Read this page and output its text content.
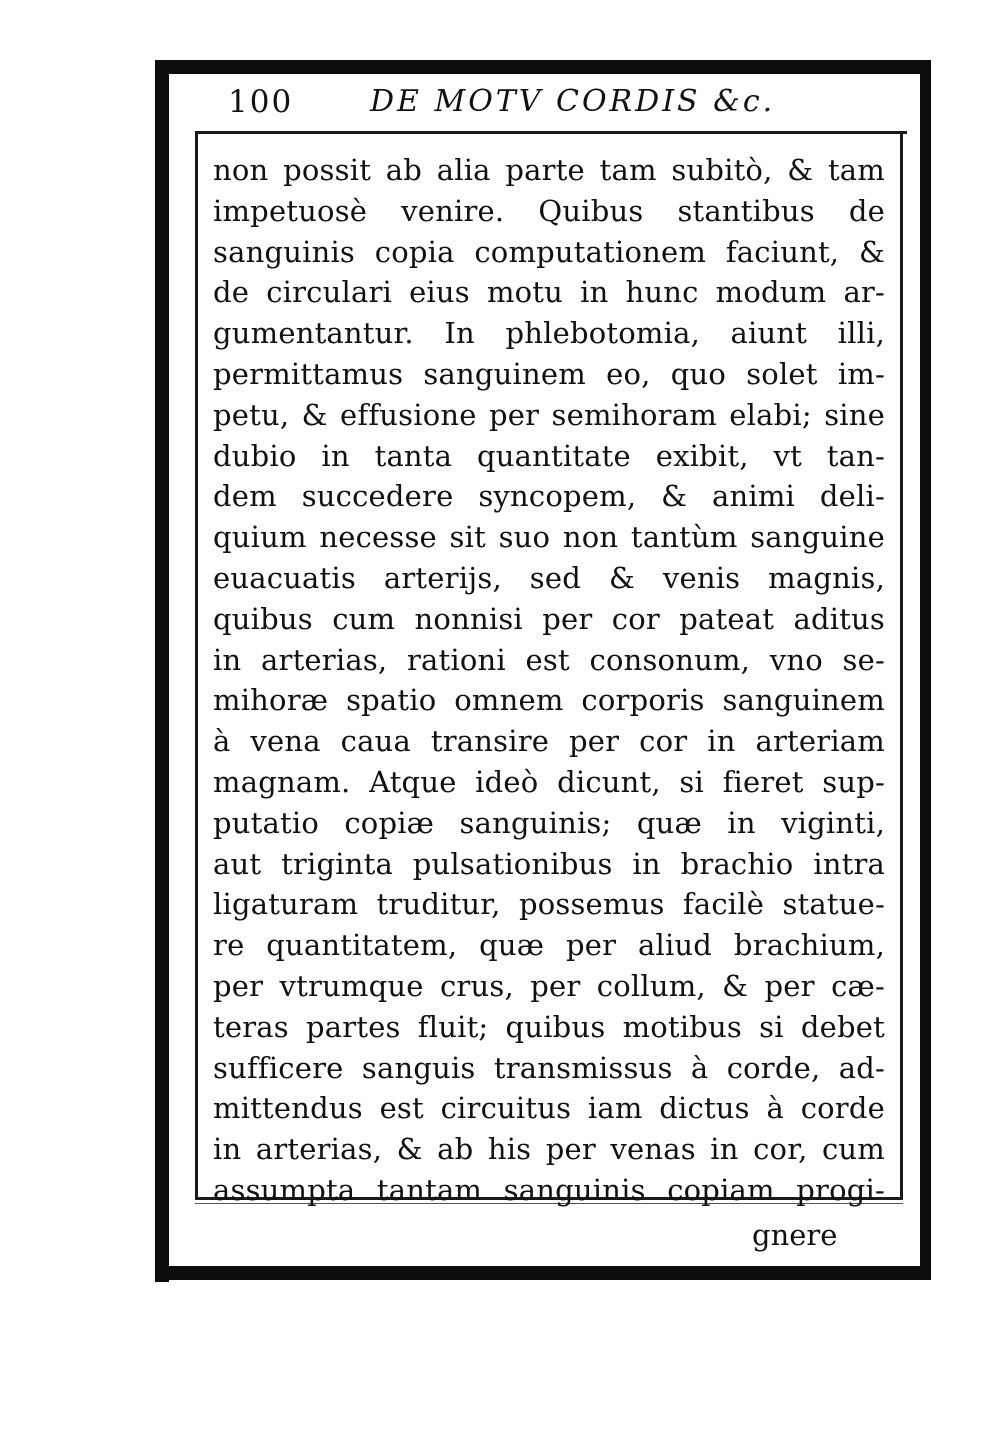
100	DE MOTV CORDIS &c.
non possit ab alia parte tam subitò, & tam
impetuosè venire. Quibus stantibus de
sanguinis copia computationem faciunt, &
de circulari eius motu in hunc modum ar-
gumentantur. In phlebotomia, aiunt illi,
permittamus sanguinem eo, quo solet im-
petu, & effusione per semihoram elabi; sine
dubio in tanta quantitate exibit, vt tan-
dem succedere syncopem, & animi deli-
quium necesse sit suo non tantùm sanguine
euacuatis arterijs, sed & venis magnis,
quibus cum nonnisi per cor pateat aditus
in arterias, rationi est consonum, vno se-
mihoræ spatio omnem corporis sanguinem
à vena caua transire per cor in arteriam
magnam. Atque ideò dicunt, si fieret sup-
putatio copiæ sanguinis; quæ in viginti,
aut triginta pulsationibus in brachio intra
ligaturam truditur, possemus facilè statue-
re quantitatem, quæ per aliud brachium,
per vtrumque crus, per collum, & per cæ-
teras partes fluit; quibus motibus si debet
sufficere sanguis transmissus à corde, ad-
mittendus est circuitus iam dictus à corde
in arterias, & ab his per venas in cor, cum
assumpta tantam sanguinis copiam progi-
gnere
